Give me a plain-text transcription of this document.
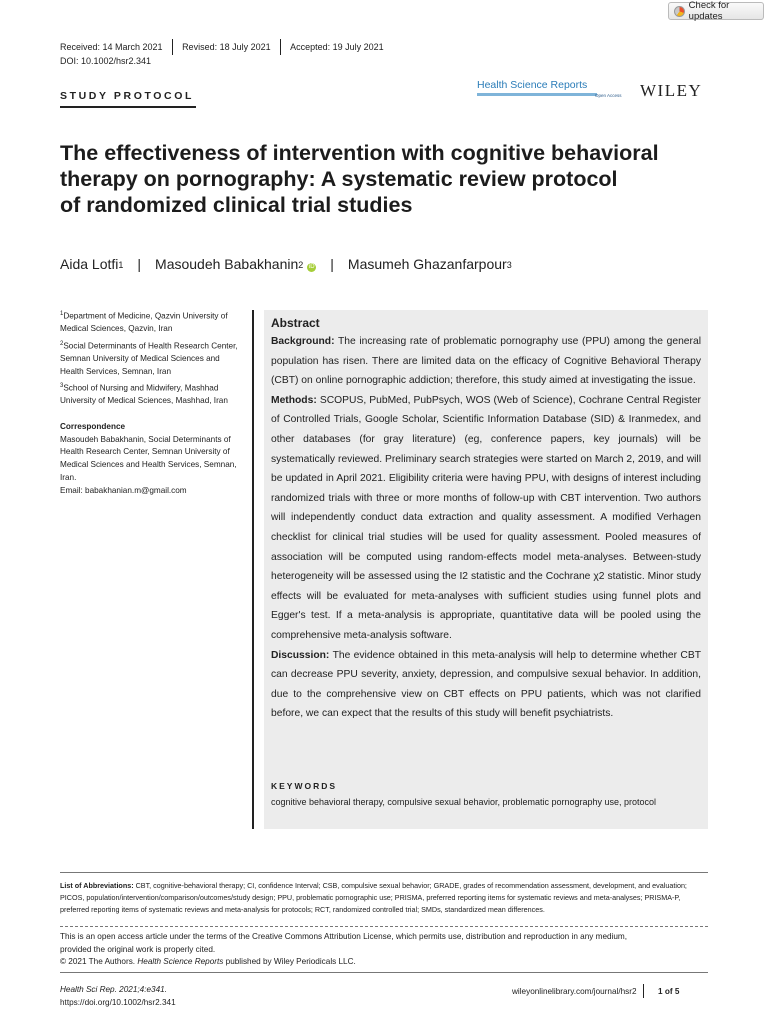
Check for updates
Received: 14 March 2021 Revised: 18 July 2021 Accepted: 19 July 2021
DOI: 10.1002/hsr2.341
STUDY PROTOCOL
Health Science Reports
Open Access WILEY
The effectiveness of intervention with cognitive behavioral
therapy on pornography: A systematic review protocol
of randomized clinical trial studies
Aida Lotfi$^1$ | Masoudeh Babakhanin$^2$ iD | Masumeh Ghazanfarpour$^3$
$^1$Department of Medicine, Qazvin University of Medical Sciences, Qazvin, Iran
$^2$Social Determinants of Health Research Center, Semnan University of Medical Sciences and Health Services, Semnan, Iran
$^3$School of Nursing and Midwifery, Mashhad University of Medical Sciences, Mashhad, Iran
Correspondence
Masoudeh Babakhanin, Social Determinants of Health Research Center, Semnan University of Medical Sciences and Health Services, Semnan, Iran.
Email: babakhanian.m@gmail.com
Abstract

Background: The increasing rate of problematic pornography use (PPU) among the general population has risen. There are limited data on the efficacy of Cognitive Behavioral Therapy (CBT) on online pornographic addiction; therefore, this study aimed at investigating the issue.

Methods: SCOPUS, PubMed, PubPsych, WOS (Web of Science), Cochrane Central Register of Controlled Trials, Google Scholar, Scientific Information Database (SID) & Iranmedex, and other databases (for gray literature) (eg, conference papers, key journals) will be systematically reviewed. Preliminary search strategies were started on March 2, 2019, and will be updated in April 2021. Eligibility criteria were having PPU, with designs of interest including randomized trials with three or more months of follow-up with CBT intervention. Two authors will independently conduct data extraction and quality assessment. A modified Verhagen checklist for clinical trial studies will be used for quality assessment. Pooled measures of association will be computed using random-effects model meta-analyses. Between-study heterogeneity will be assessed using the I2 statistic and the Cochrane χ2 statistic. Minor study effects will be evaluated for meta-analyses with sufficient studies using funnel plots and Egger's test. If a meta-analysis is appropriate, quantitative data will be pooled using the comprehensive meta-analysis software.

Discussion: The evidence obtained in this meta-analysis will help to determine whether CBT can decrease PPU severity, anxiety, depression, and compulsive sexual behavior. In addition, due to the comprehensive view on CBT effects on PPU patients, which was not clarified before, we can expect that the results of this study will benefit psychiatrists.

KEYWORDS
cognitive behavioral therapy, compulsive sexual behavior, problematic pornography use, protocol
List of Abbreviations: CBT, cognitive-behavioral therapy; CI, confidence Interval; CSB, compulsive sexual behavior; GRADE, grades of recommendation assessment, development, and evaluation; PICOS, population/intervention/comparison/outcomes/study design; PPU, problematic pornographic use; PRISMA, preferred reporting items for systematic reviews and meta-analyses; PRISMA-P, preferred reporting items of systematic reviews and meta-analysis for protocols; RCT, randomized controlled trial; SMDs, standardized mean differences.
This is an open access article under the terms of the Creative Commons Attribution License, which permits use, distribution and reproduction in any medium,
provided the original work is properly cited.
© 2021 The Authors. Health Science Reports published by Wiley Periodicals LLC.
Health Sci Rep. 2021;4:e341.
https://doi.org/10.1002/hsr2.341
wileyonlinelibrary.com/journal/hsr2	1 of 5
